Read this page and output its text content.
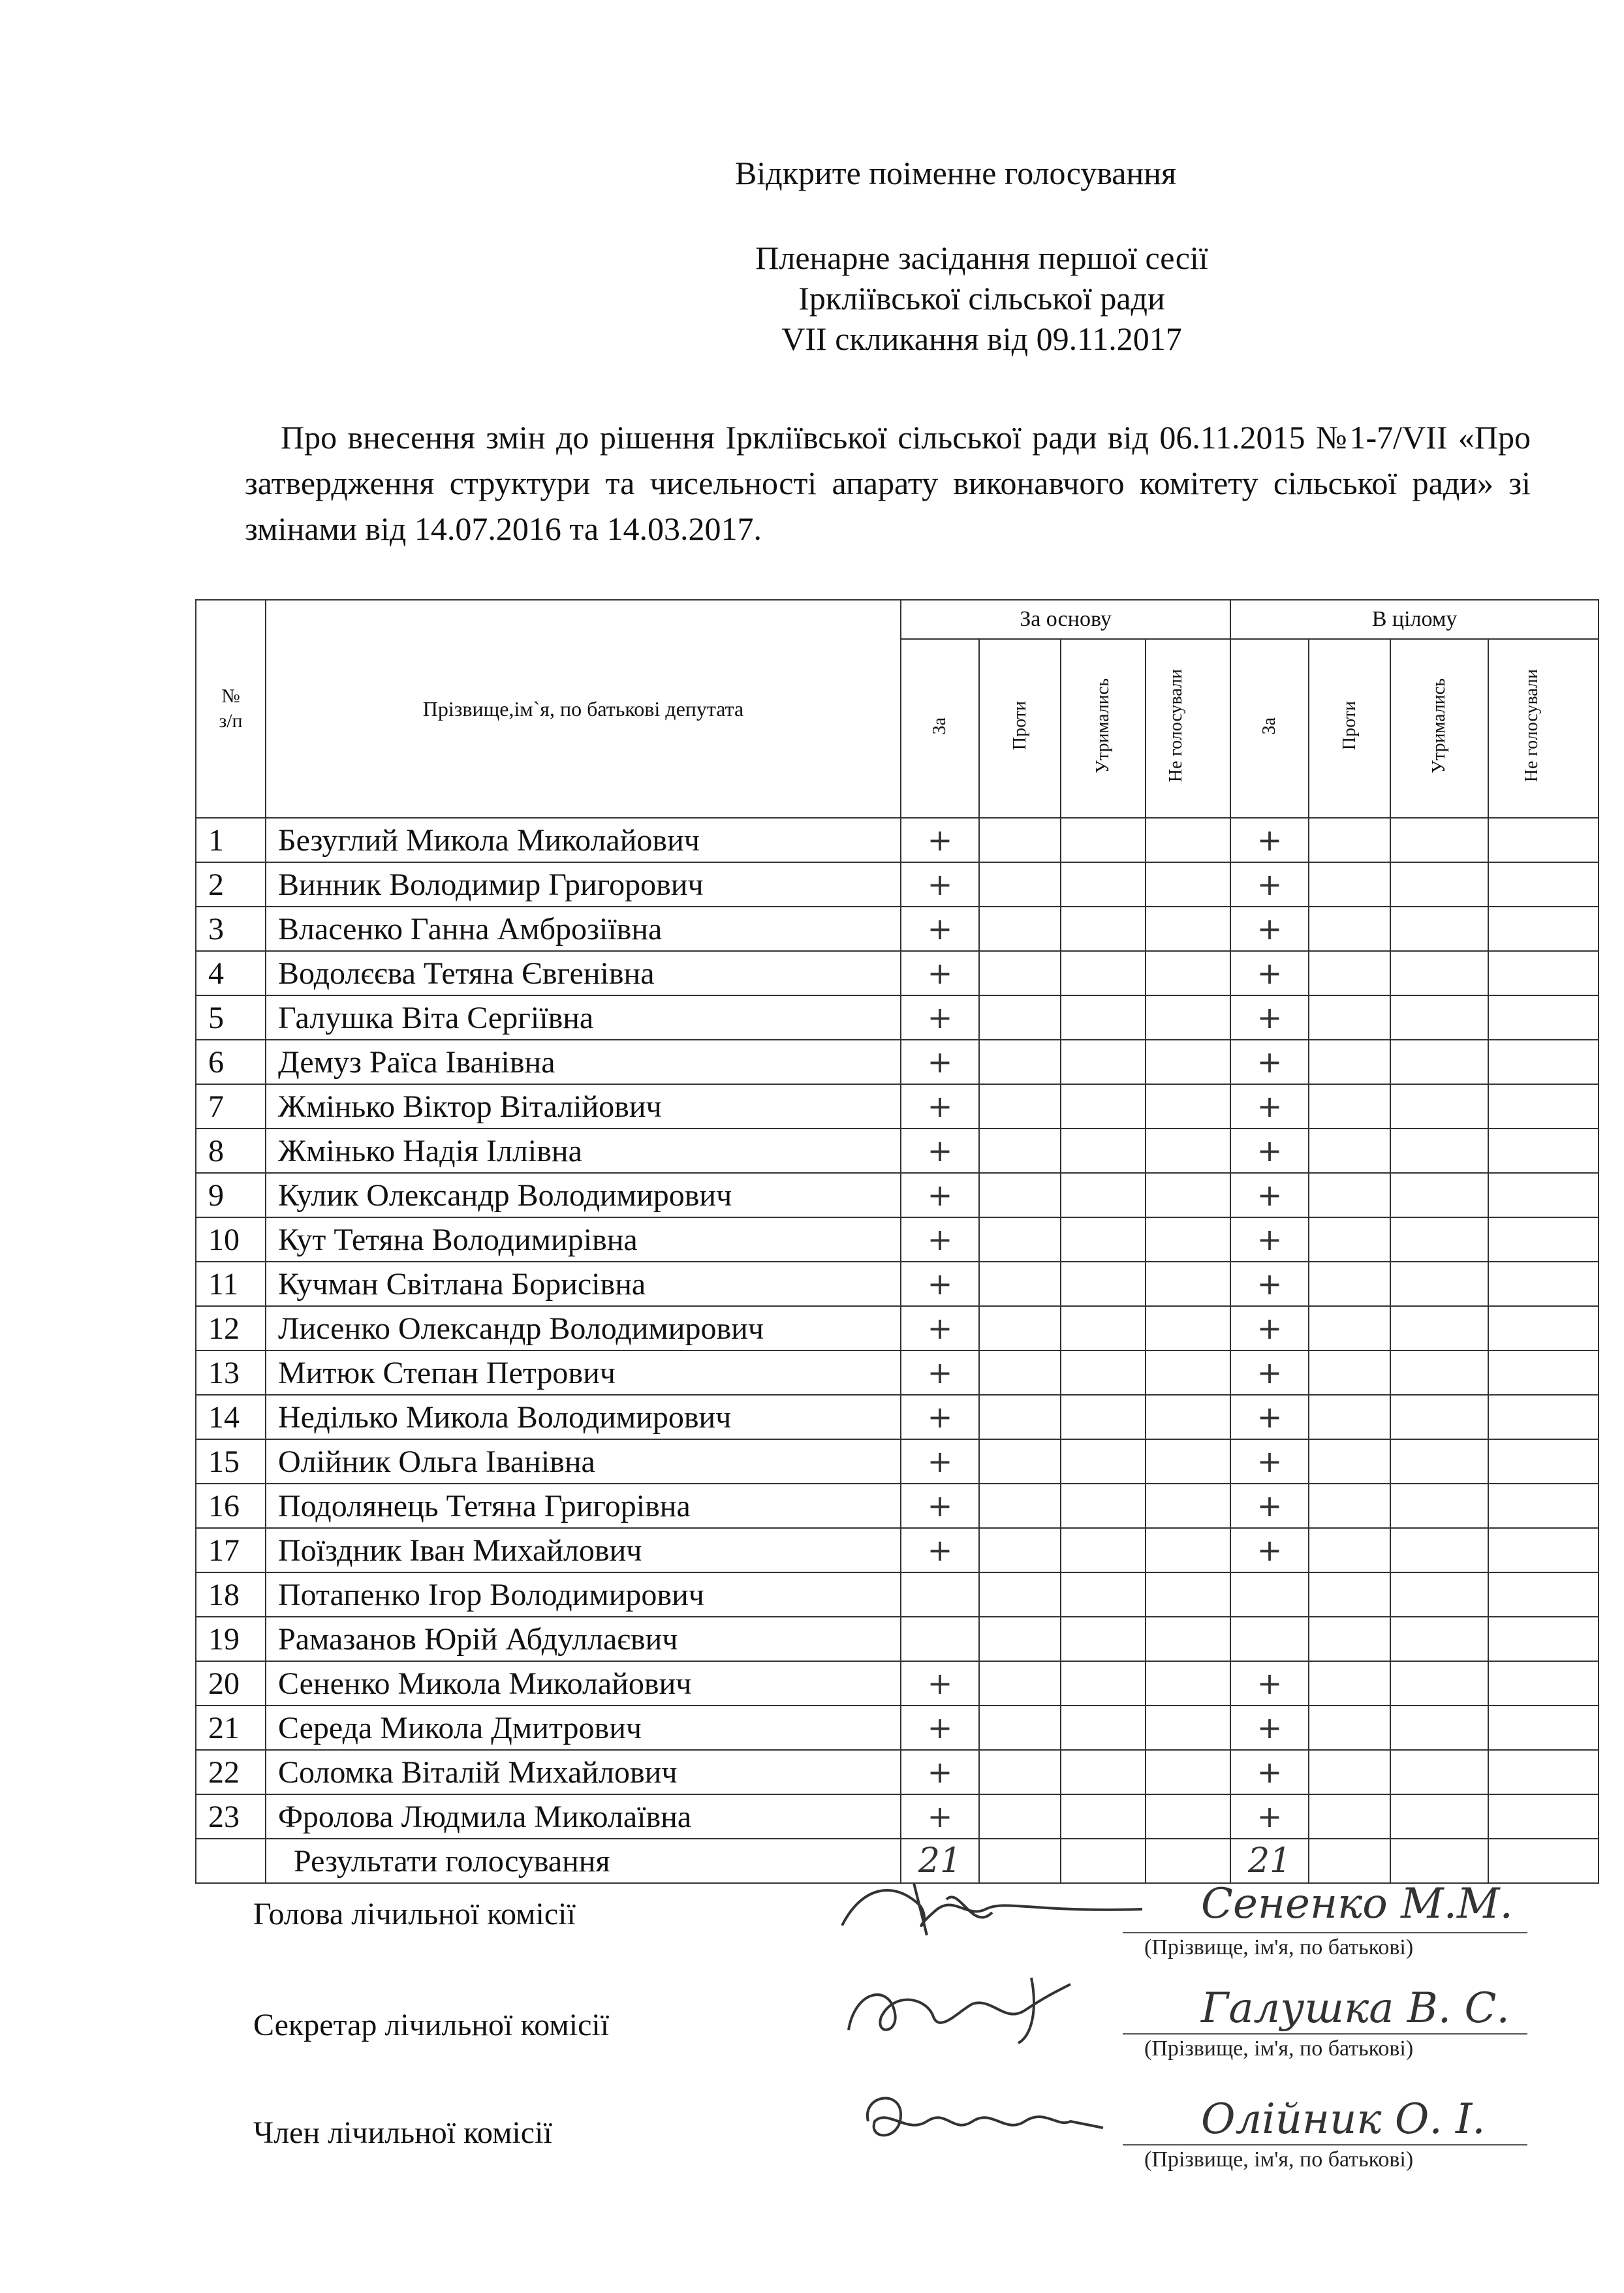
Відкрите поіменне голосування
Пленарне засідання першої сесії
Ірклiївської сільської ради
VII скликання від 09.11.2017
Про внесення змін до рішення Ірклiївської сільської ради від 06.11.2015 №1-7/VII «Про затвердження структури та чисельності апарату виконавчого комітету сільської ради» зі змінами від 14.07.2016 та 14.03.2017.
№
з/п	Прізвище,ім`я, по батькові депутата	За основу				В цілому			
		За	Проти	Утримались	Не голосували	За	Проти	Утримались	Не голосували
1	Безуглий Микола Миколайович	+				+			
2	Винник Володимир Григорович	+				+			
3	Власенко Ганна Амброзіївна	+				+			
4	Водолєєва Тетяна Євгенівна	+				+			
5	Галушка Віта Сергіївна	+				+			
6	Демуз Раїса Іванівна	+				+			
7	Жмінько Віктор Віталійович	+				+			
8	Жмінько Надія Іллівна	+				+			
9	Кулик Олександр Володимирович	+				+			
10	Кут Тетяна Володимирівна	+				+			
11	Кучман Світлана Борисівна	+				+			
12	Лисенко Олександр Володимирович	+				+			
13	Митюк Степан Петрович	+				+			
14	Неділько Микола Володимирович	+				+			
15	Олійник Ольга Іванівна	+				+			
16	Подолянець Тетяна Григорівна	+				+			
17	Поїздник Іван Михайлович	+				+			
18	Потапенко Ігор Володимирович								
19	Рамазанов Юрій Абдуллаєвич								
20	Сененко Микола Миколайович	+				+			
21	Середа Микола Дмитрович	+				+			
22	Соломка Віталій Михайлович	+				+			
23	Фролова Людмила Миколаївна	+				+			
	Результати голосування	21				21			
Голова лічильної комісії	Сененко М.М.
(Прізвище, ім'я, по батькові)
Секретар лічильної комісії	Галушка В. С.
(Прізвище, ім'я, по батькові)
Член лічильної комісії	Олійник О. І.
(Прізвище, ім'я, по батькові)
